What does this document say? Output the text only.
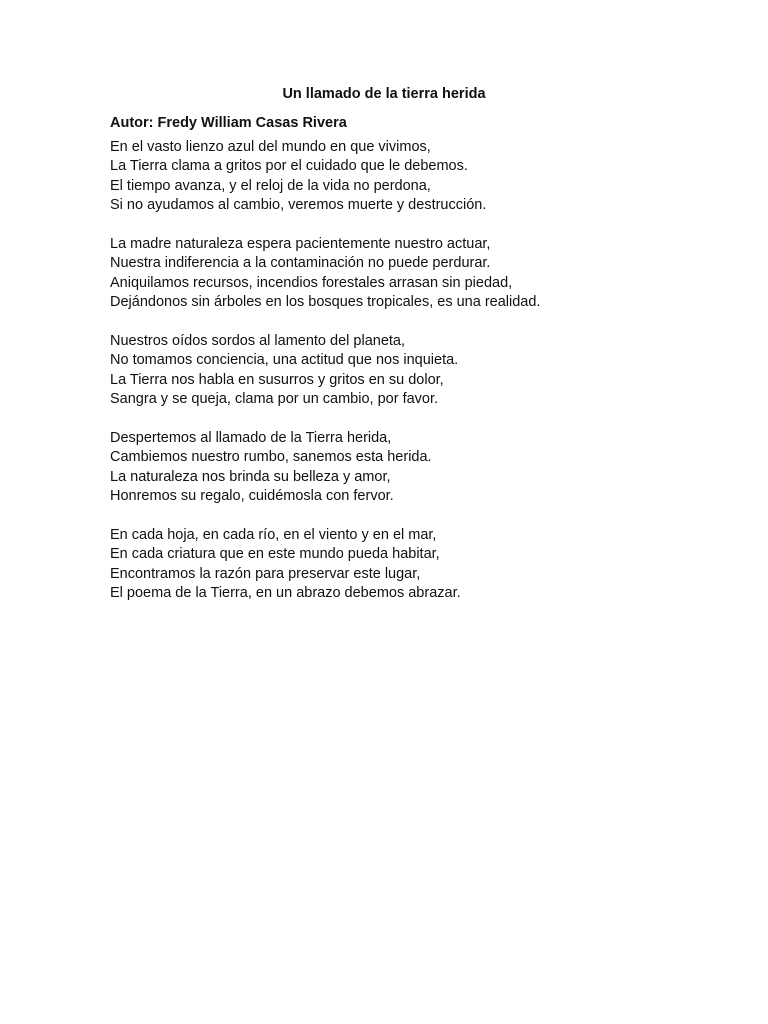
Un llamado de la tierra herida

Autor: Fredy William Casas Rivera

En el vasto lienzo azul del mundo en que vivimos,
La Tierra clama a gritos por el cuidado que le debemos.
El tiempo avanza, y el reloj de la vida no perdona,
Si no ayudamos al cambio, veremos muerte y destrucción.
La madre naturaleza espera pacientemente nuestro actuar,
Nuestra indiferencia a la contaminación no puede perdurar.
Aniquilamos recursos, incendios forestales arrasan sin piedad,
Dejándonos sin árboles en los bosques tropicales, es una realidad.
Nuestros oídos sordos al lamento del planeta,
No tomamos conciencia, una actitud que nos inquieta.
La Tierra nos habla en susurros y gritos en su dolor,
Sangra y se queja, clama por un cambio, por favor.
Despertemos al llamado de la Tierra herida,
Cambiemos nuestro rumbo, sanemos esta herida.
La naturaleza nos brinda su belleza y amor,
Honremos su regalo, cuidémosla con fervor.
En cada hoja, en cada río, en el viento y en el mar,
En cada criatura que en este mundo pueda habitar,
Encontramos la razón para preservar este lugar,
El poema de la Tierra, en un abrazo debemos abrazar.
